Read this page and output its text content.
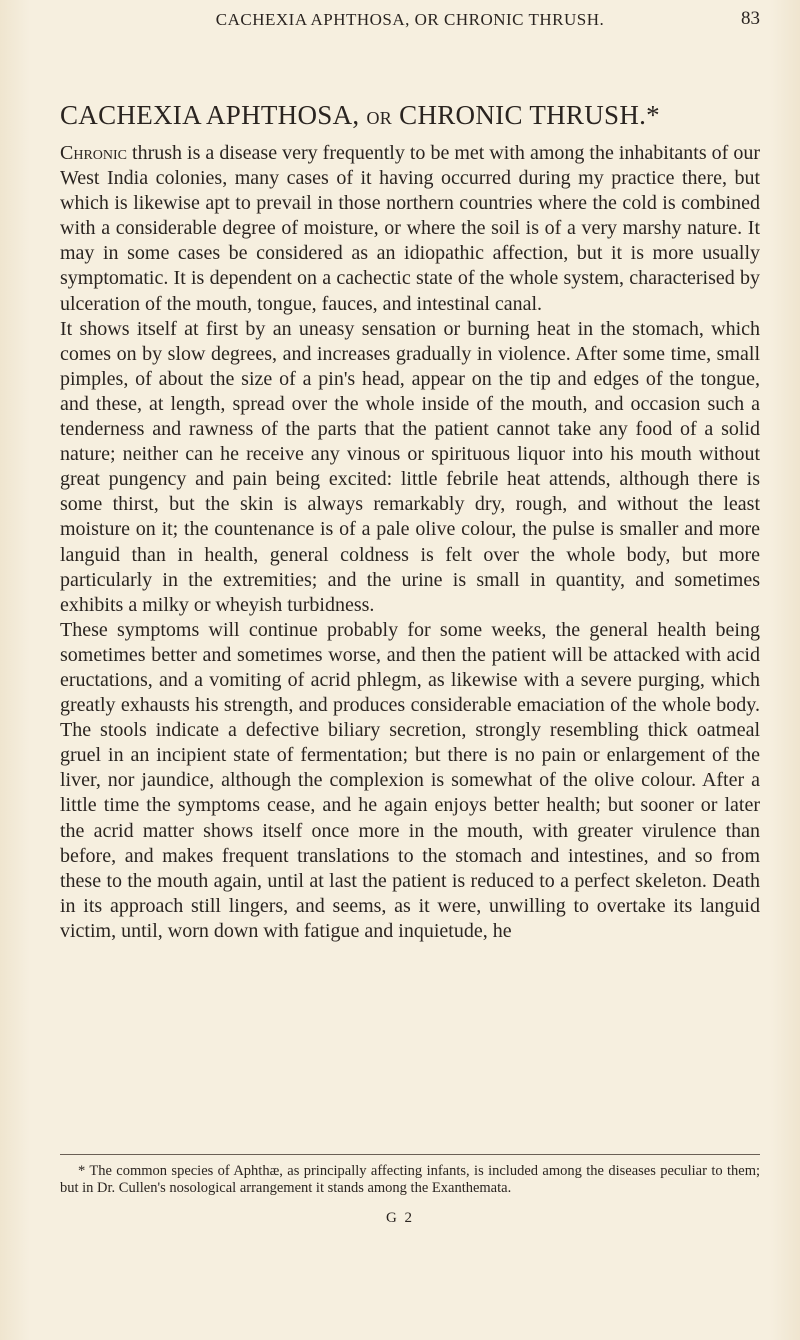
CACHEXIA APHTHOSA, OR CHRONIC THRUSH.	83
CACHEXIA APHTHOSA, OR CHRONIC THRUSH.*

Chronic thrush is a disease very frequently to be met with among the inhabitants of our West India colonies, many cases of it having occurred during my practice there, but which is likewise apt to prevail in those northern countries where the cold is combined with a considerable degree of moisture, or where the soil is of a very marshy nature. It may in some cases be considered as an idiopathic affection, but it is more usually symptomatic. It is dependent on a cachectic state of the whole system, characterised by ulceration of the mouth, tongue, fauces, and intestinal canal.

It shows itself at first by an uneasy sensation or burning heat in the stomach, which comes on by slow degrees, and increases gradually in violence. After some time, small pimples, of about the size of a pin's head, appear on the tip and edges of the tongue, and these, at length, spread over the whole inside of the mouth, and occasion such a tenderness and rawness of the parts that the patient cannot take any food of a solid nature; neither can he receive any vinous or spirituous liquor into his mouth without great pungency and pain being excited: little febrile heat attends, although there is some thirst, but the skin is always remarkably dry, rough, and without the least moisture on it; the countenance is of a pale olive colour, the pulse is smaller and more languid than in health, general coldness is felt over the whole body, but more particularly in the extremities; and the urine is small in quantity, and sometimes exhibits a milky or wheyish turbidness.

These symptoms will continue probably for some weeks, the general health being sometimes better and sometimes worse, and then the patient will be attacked with acid eructations, and a vomiting of acrid phlegm, as likewise with a severe purging, which greatly exhausts his strength, and produces considerable emaciation of the whole body. The stools indicate a defective biliary secretion, strongly resembling thick oatmeal gruel in an incipient state of fermentation; but there is no pain or enlargement of the liver, nor jaundice, although the complexion is somewhat of the olive colour. After a little time the symptoms cease, and he again enjoys better health; but sooner or later the acrid matter shows itself once more in the mouth, with greater virulence than before, and makes frequent translations to the stomach and intestines, and so from these to the mouth again, until at last the patient is reduced to a perfect skeleton. Death in its approach still lingers, and seems, as it were, unwilling to overtake its languid victim, until, worn down with fatigue and inquietude, he

* The common species of Aphthæ, as principally affecting infants, is included among the diseases peculiar to them; but in Dr. Cullen's nosological arrangement it stands among the Exanthemata.

G 2
